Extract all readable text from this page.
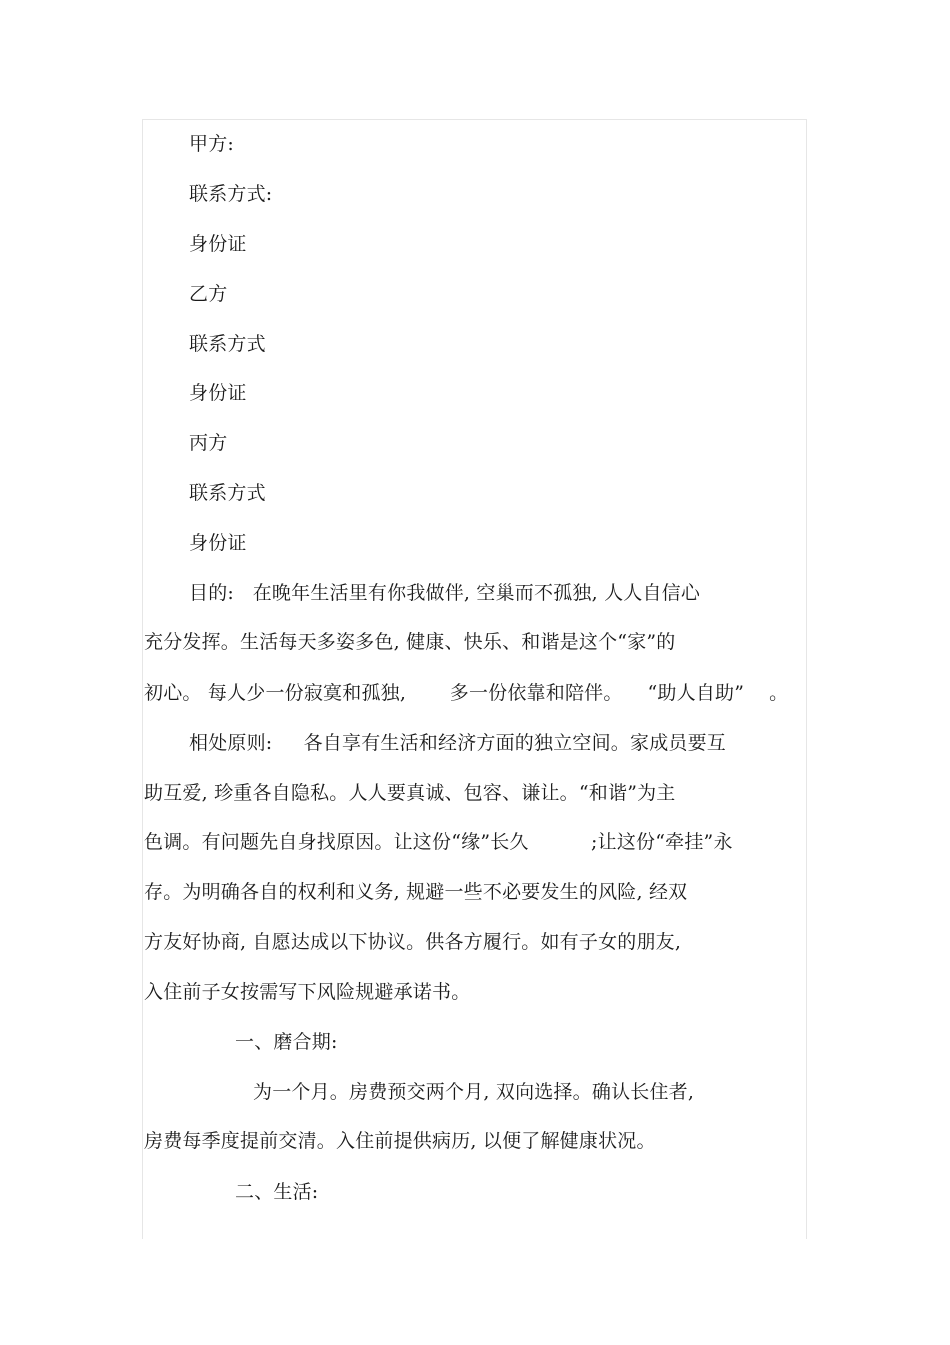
甲方:
联系方式:
身份证
乙方
联系方式
身份证
丙方
联系方式
身份证
目的:   在晚年生活里有你我做伴, 空巢而不孤独, 人人自信心
充分发挥。生活每天多姿多色, 健康、快乐、和谐是这个“家”的
初心。 每人少一份寂寞和孤独,       多一份依靠和陪伴。    “助人自助”    。
相处原则:     各自享有生活和经济方面的独立空间。家成员要互
助互爱, 珍重各自隐私。人人要真诚、包容、谦让。“和谐”为主
色调。有问题先自身找原因。让这份“缘”长久          ;让这份“牵挂”永
存。为明确各自的权利和义务, 规避一些不必要发生的风险, 经双
方友好协商, 自愿达成以下协议。供各方履行。如有子女的朋友,
入住前子女按需写下风险规避承诺书。
一、磨合期:
为一个月。房费预交两个月, 双向选择。确认长住者,
房费每季度提前交清。入住前提供病历, 以便了解健康状况。
二、生活:
